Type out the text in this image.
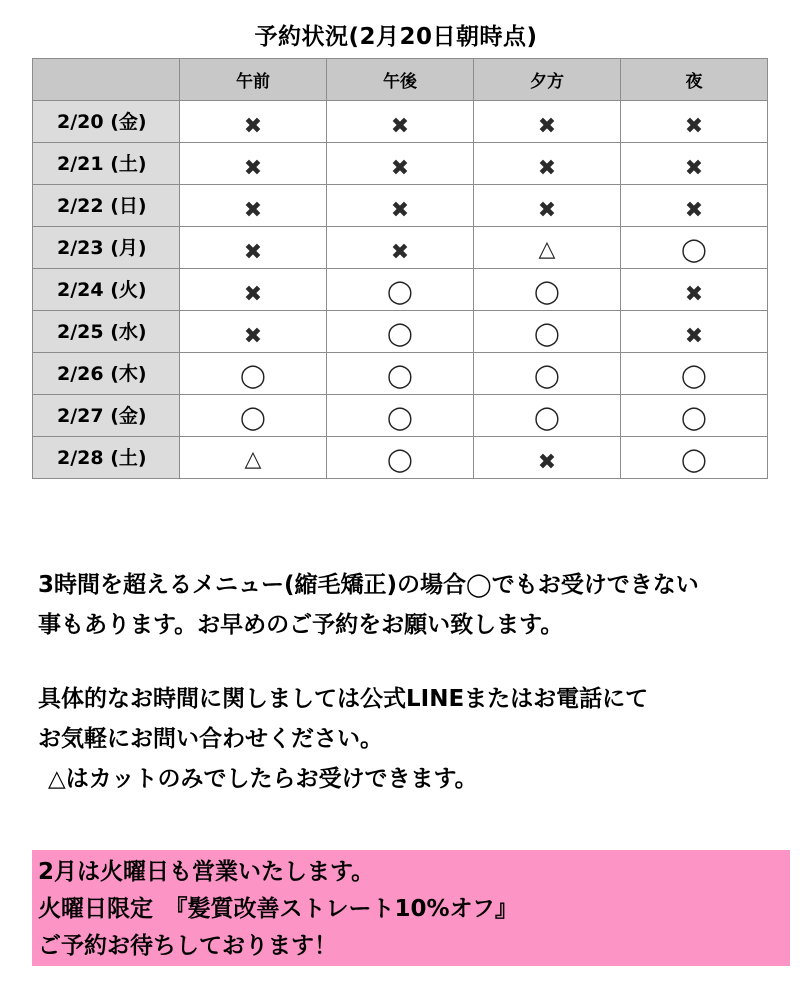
予約状況(2月20日朝時点)
	午前	午後	夕方	夜
2/20 (金)	✖	✖	✖	✖
2/21 (土)	✖	✖	✖	✖
2/22 (日)	✖	✖	✖	✖
2/23 (月)	✖	✖	△	◯
2/24 (火)	✖	◯	◯	✖
2/25 (水)	✖	◯	◯	✖
2/26 (木)	◯	◯	◯	◯
2/27 (金)	◯	◯	◯	◯
2/28 (土)	△	◯	✖	◯

3時間を超えるメニュー(縮毛矯正)の場合◯でもお受けできない

事もあります。お早めのご予約をお願い致します。

具体的なお時間に関しましては公式LINEまたはお電話にて

お気軽にお問い合わせください。

△はカットのみでしたらお受けできます。

2月は火曜日も営業いたします。

火曜日限定　『髪質改善ストレート10%オフ』

ご予約お待ちしております！
